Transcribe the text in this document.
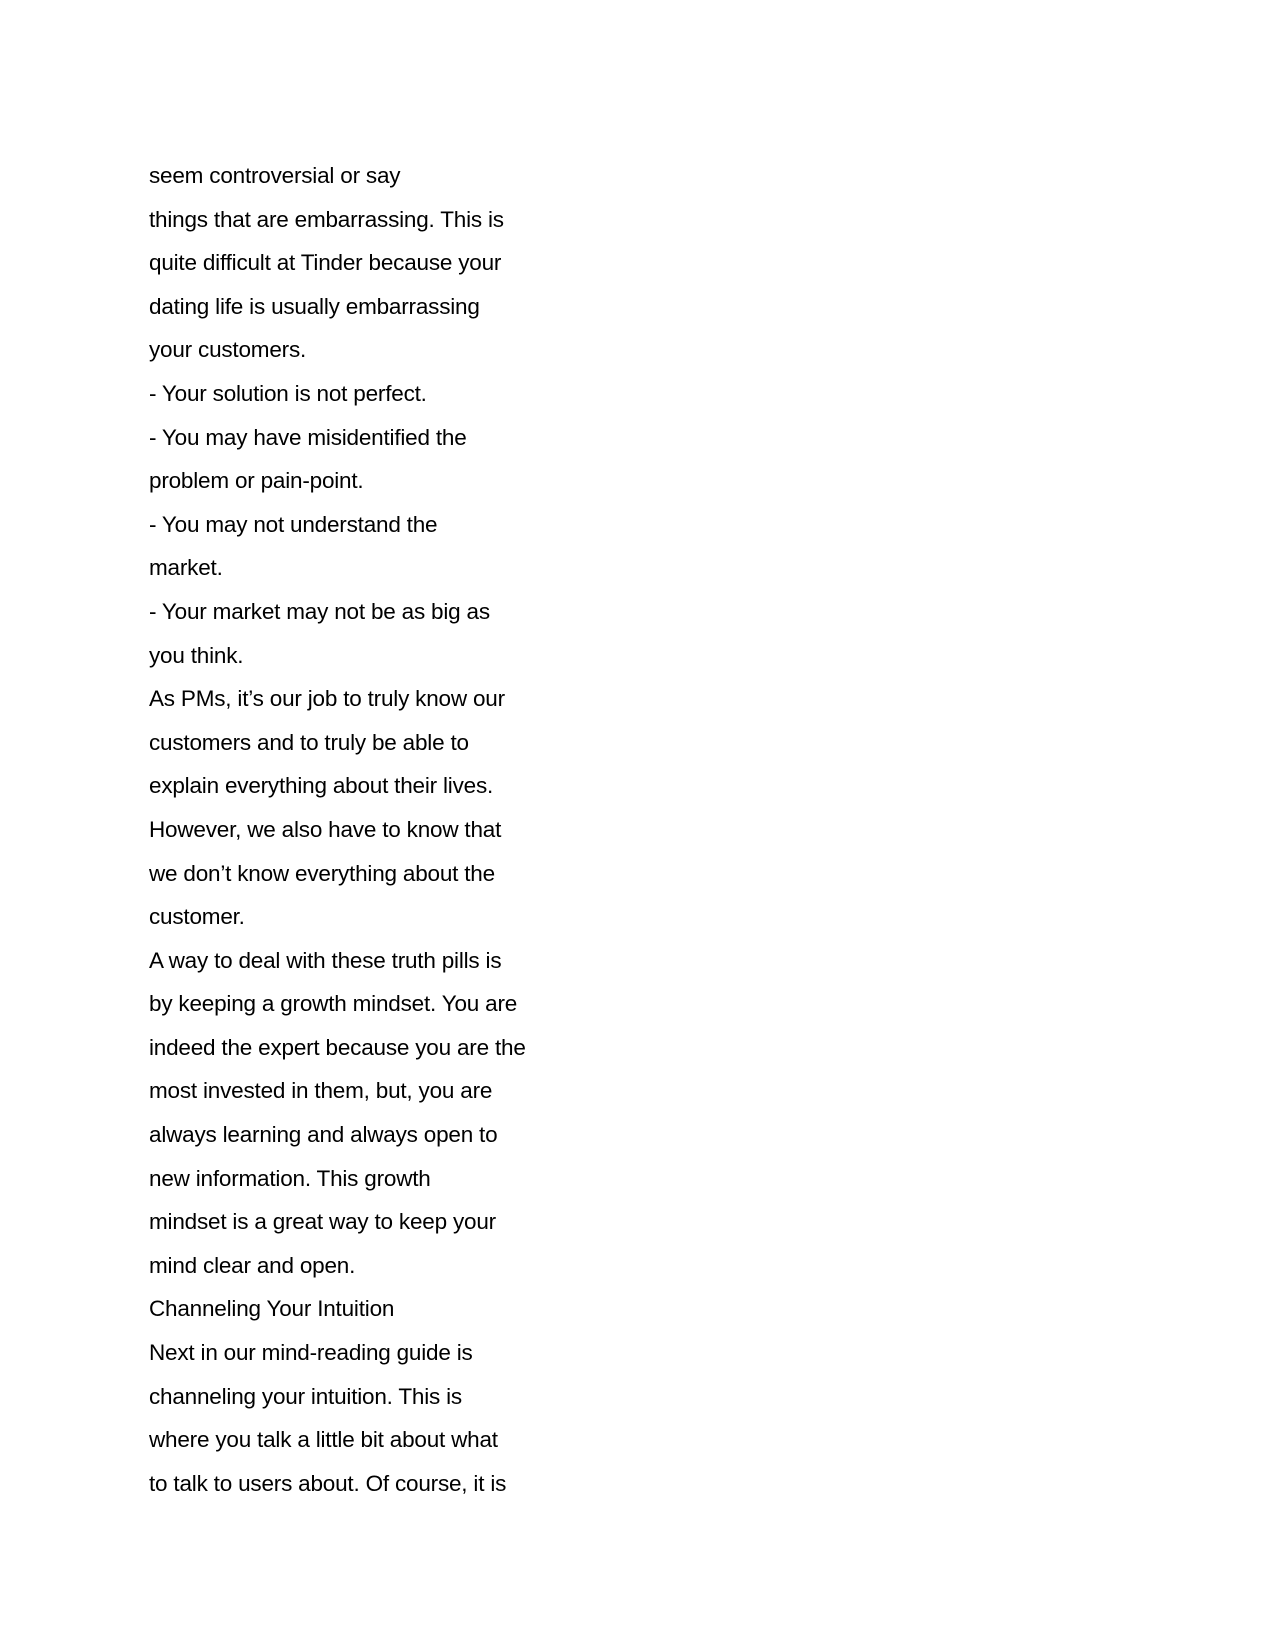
seem controversial or say
things that are embarrassing. This is
quite difficult at Tinder because your
dating life is usually embarrassing
your customers.
- Your solution is not perfect.
- You may have misidentified the
problem or pain-point.
- You may not understand the
market.
- Your market may not be as big as
you think.
As PMs, it’s our job to truly know our
customers and to truly be able to
explain everything about their lives.
However, we also have to know that
we don’t know everything about the
customer.
A way to deal with these truth pills is
by keeping a growth mindset. You are
indeed the expert because you are the
most invested in them, but, you are
always learning and always open to
new information. This growth
mindset is a great way to keep your
mind clear and open.
Channeling Your Intuition
Next in our mind-reading guide is
channeling your intuition. This is
where you talk a little bit about what
to talk to users about. Of course, it is
